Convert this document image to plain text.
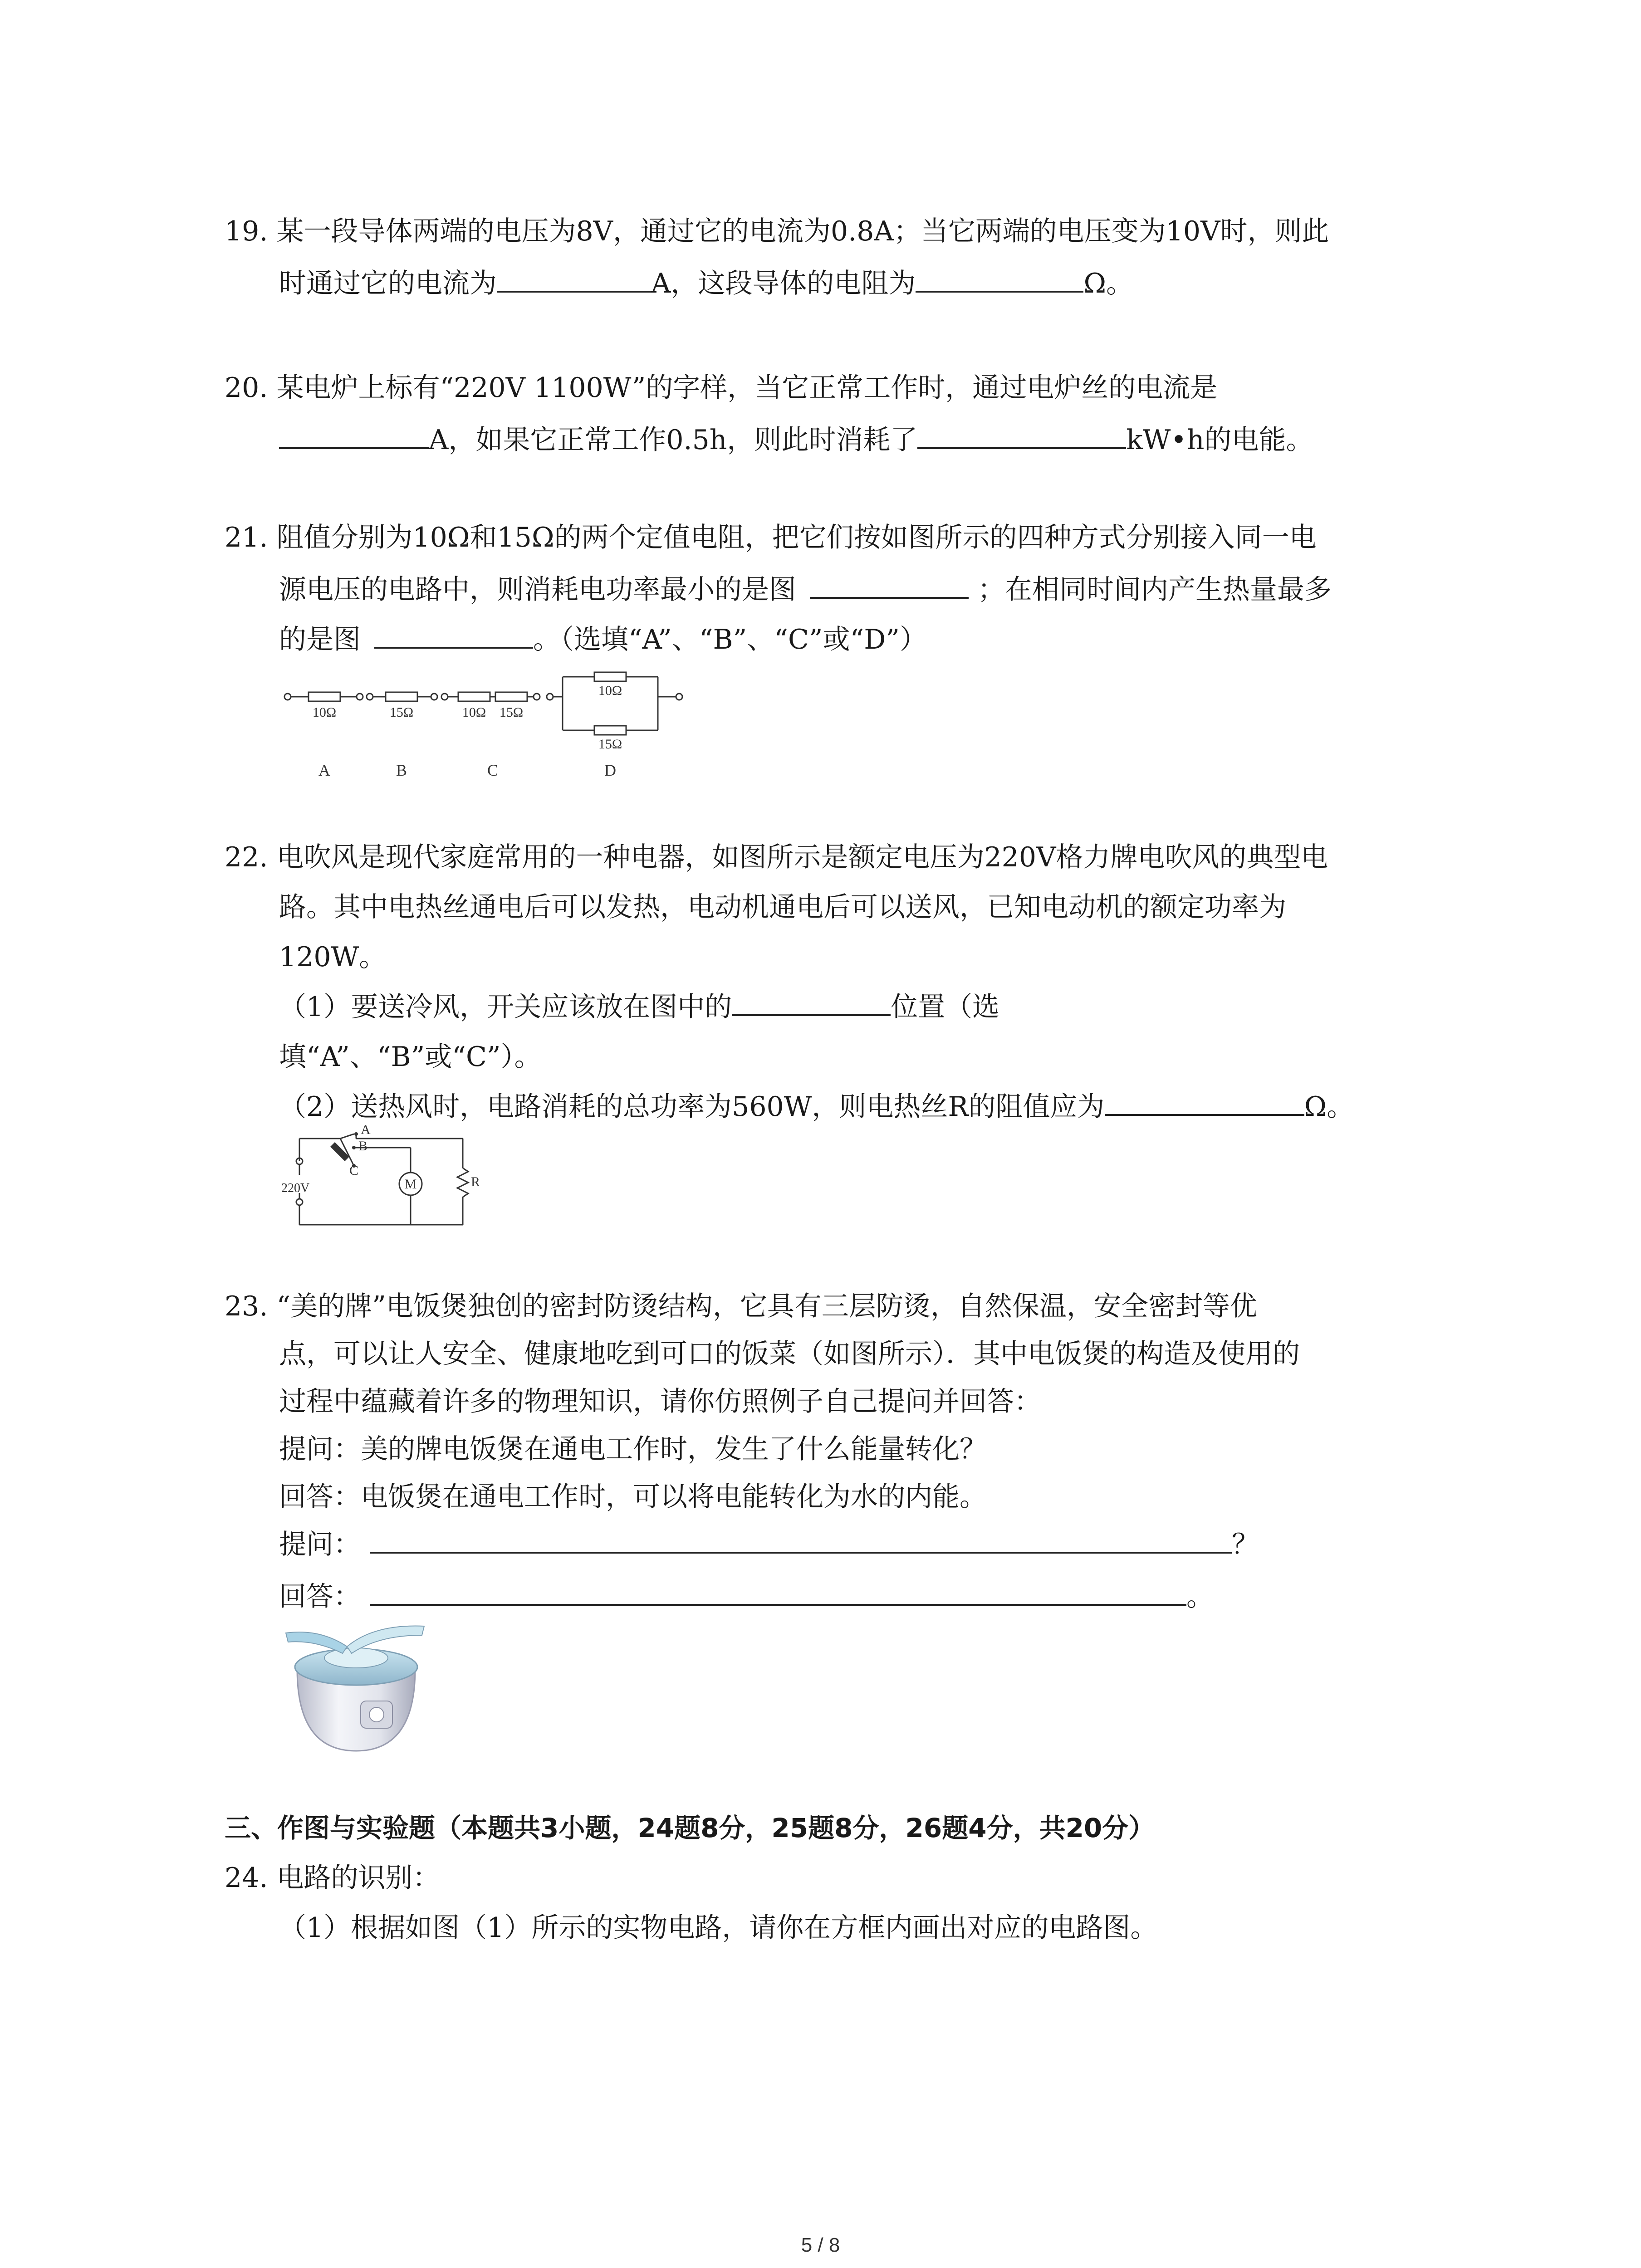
19. 某一段导体两端的电压为8V，通过它的电流为0.8A；当它两端的电压变为10V时，则此
时通过它的电流为	A，这段导体的电阻为	Ω。
20. 某电炉上标有“220V 1100W”的字样，当它正常工作时，通过电炉丝的电流是
A，如果它正常工作0.5h，则此时消耗了	kW•h的电能。
21. 阻值分别为10Ω和15Ω的两个定值电阻，把它们按如图所示的四种方式分别接入同一电
源电压的电路中，则消耗电功率最小的是图	；在相同时间内产生热量最多
的是图	。（选填“A”、“B”、“C”或“D”）
10Ω	15Ω	10Ω 15Ω
10Ω
15Ω
A	B	C	D
22. 电吹风是现代家庭常用的一种电器，如图所示是额定电压为220V格力牌电吹风的典型电
路。其中电热丝通电后可以发热，电动机通电后可以送风，已知电动机的额定功率为
120W。
（1）要送冷风，开关应该放在图中的	位置（选
填“A”、“B”或“C”）。
（2）送热风时，电路消耗的总功率为560W，则电热丝R的阻值应为	Ω。
A
B
C
220V	M	R
23. “美的牌”电饭煲独创的密封防烫结构，它具有三层防烫，自然保温，安全密封等优
点，可以让人安全、健康地吃到可口的饭菜（如图所示）．其中电饭煲的构造及使用的
过程中蕴藏着许多的物理知识，请你仿照例子自己提问并回答：
提问：美的牌电饭煲在通电工作时，发生了什么能量转化？
回答：电饭煲在通电工作时，可以将电能转化为水的内能。
提问：	？
回答：	。
三、作图与实验题（本题共3小题，24题8分，25题8分，26题4分，共20分）
24. 电路的识别：
（1）根据如图（1）所示的实物电路，请你在方框内画出对应的电路图。
5 / 8
